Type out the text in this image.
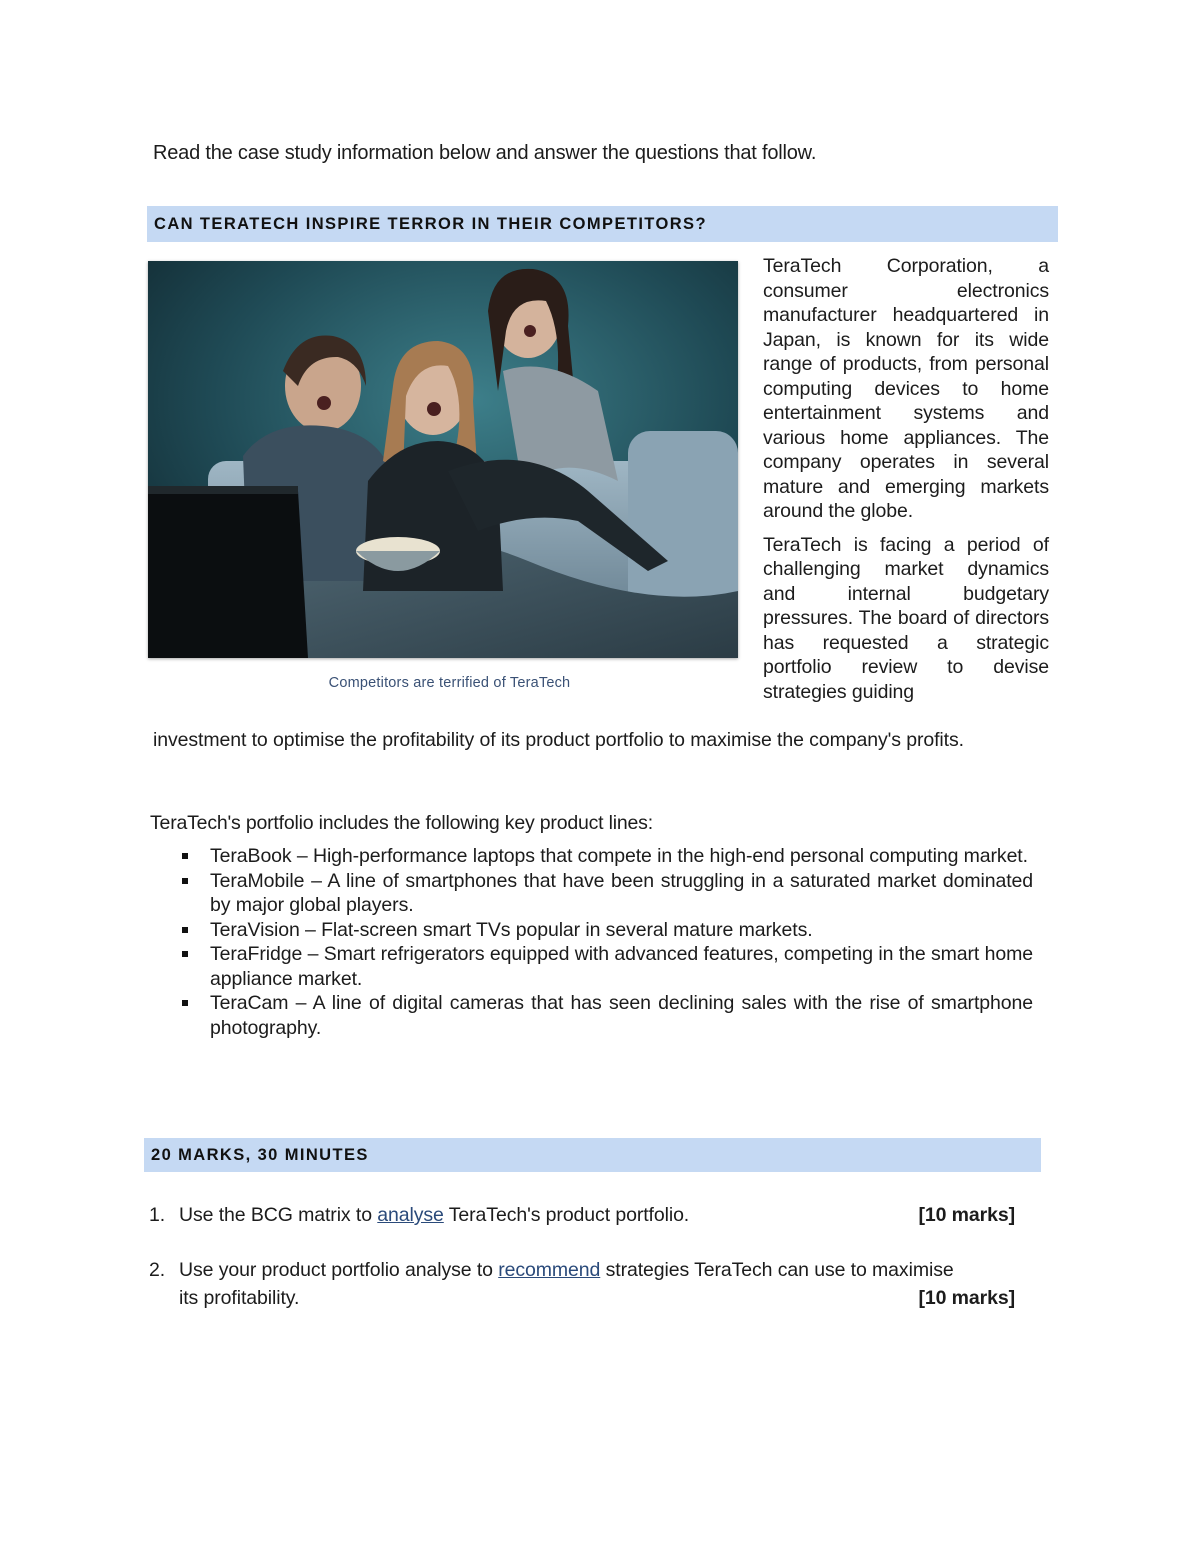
Read the case study information below and answer the questions that follow.
CAN TERATECH INSPIRE TERROR IN THEIR COMPETITORS?
Competitors are terrified of TeraTech

TeraTech Corporation, a consumer electronics manufacturer headquartered in Japan, is known for its wide range of products, from personal computing devices to home entertainment systems and various home appliances. The company operates in several mature and emerging markets around the globe.

TeraTech is facing a period of challenging market dynamics and internal budgetary pressures. The board of directors has requested a strategic portfolio review to devise strategies guiding

investment to optimise the profitability of its product portfolio to maximise the company's profits.
TeraTech's portfolio includes the following key product lines:
TeraBook – High-performance laptops that compete in the high-end personal computing market.
TeraMobile – A line of smartphones that have been struggling in a saturated market dominated by major global players.
TeraVision – Flat-screen smart TVs popular in several mature markets.
TeraFridge – Smart refrigerators equipped with advanced features, competing in the smart home appliance market.
TeraCam – A line of digital cameras that has seen declining sales with the rise of smartphone photography.
20 MARKS, 30 MINUTES
1.	[10 marks]
Use the BCG matrix to analyse TeraTech's product portfolio.
2. Use your product portfolio analyse to recommend strategies TeraTech can use to maximise
its profitability.	[10 marks]
